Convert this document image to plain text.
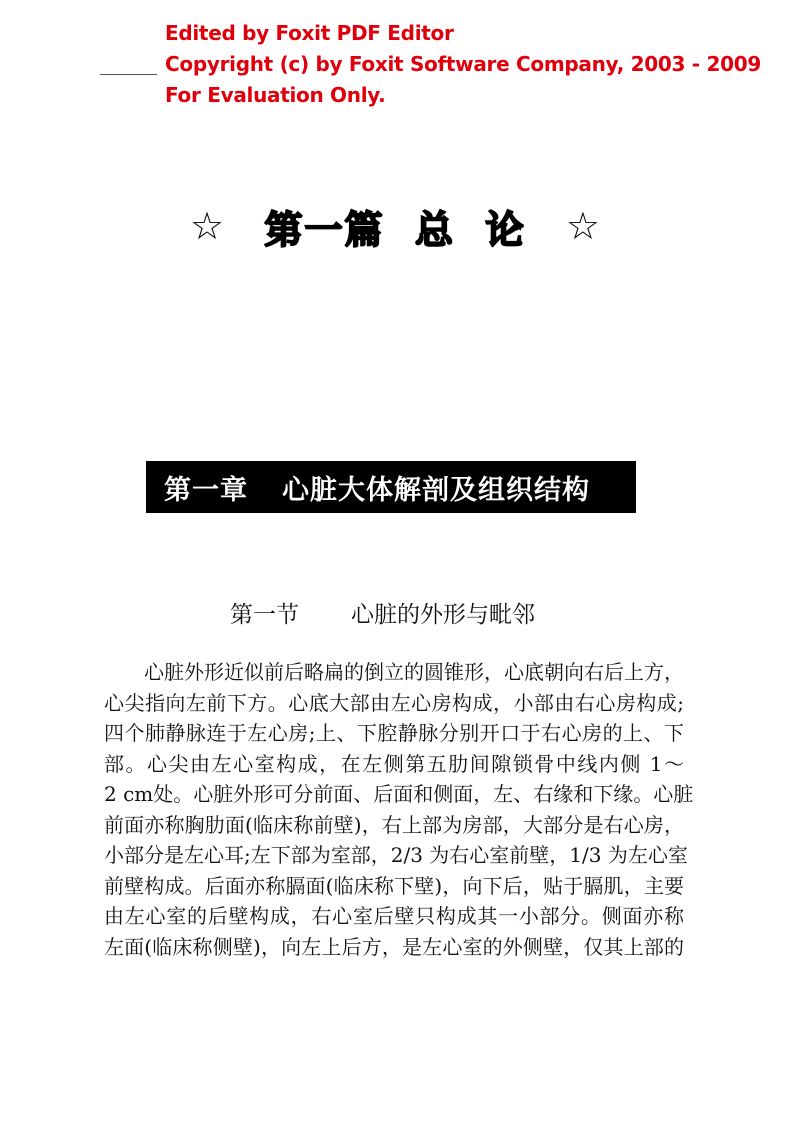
Edited by Foxit PDF Editor
Copyright (c) by Foxit Software Company, 2003 - 2009
For Evaluation Only.
☆ 第一篇  总  论 ☆
第一章 心脏大体解剖及组织结构
第一节 心脏的外形与毗邻
心脏外形近似前后略扁的倒立的圆锥形，心底朝向右后上方，
心尖指向左前下方。心底大部由左心房构成，小部由右心房构成;
四个肺静脉连于左心房;上、下腔静脉分别开口于右心房的上、下
部。心尖由左心室构成，在左侧第五肋间隙锁骨中线内侧 1～
2 cm处。心脏外形可分前面、后面和侧面，左、右缘和下缘。心脏
前面亦称胸肋面(临床称前壁)，右上部为房部，大部分是右心房，
小部分是左心耳;左下部为室部，2/3 为右心室前壁，1/3 为左心室
前壁构成。后面亦称膈面(临床称下壁)，向下后，贴于膈肌，主要
由左心室的后壁构成，右心室后壁只构成其一小部分。侧面亦称
左面(临床称侧壁)，向左上后方，是左心室的外侧壁，仅其上部的
